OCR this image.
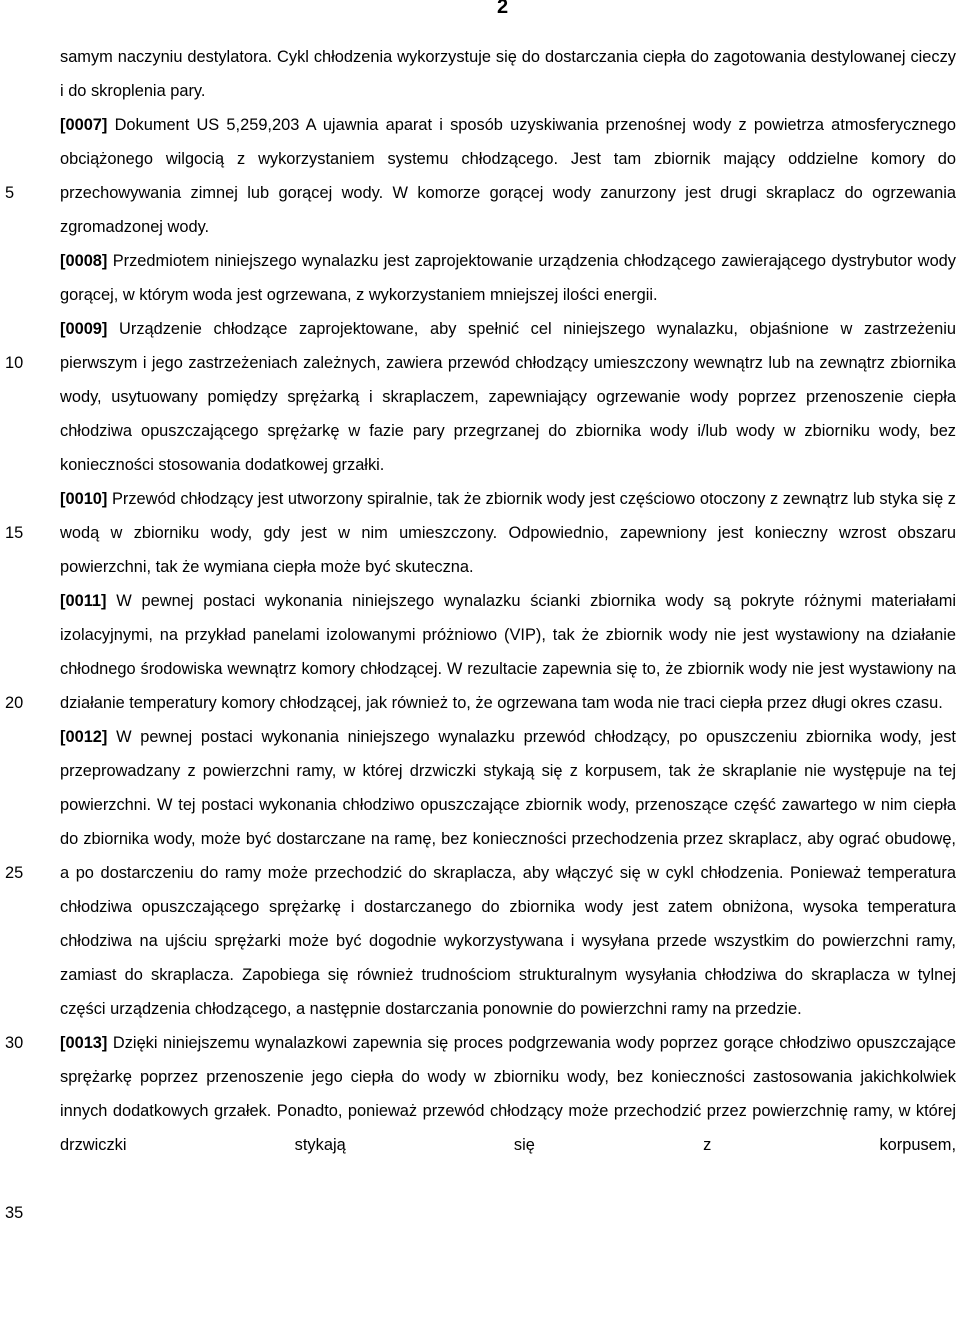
2
5
10
15
20
25
30
35

samym naczyniu destylatora. Cykl chłodzenia wykorzystuje się do dostarczania ciepła do zagotowania destylowanej cieczy i do skroplenia pary.

[0007] Dokument US 5,259,203 A ujawnia aparat i sposób uzyskiwania przenośnej wody z powietrza atmosferycznego obciążonego wilgocią z wykorzystaniem systemu chłodzącego. Jest tam zbiornik mający oddzielne komory do przechowywania zimnej lub gorącej wody. W komorze gorącej wody zanurzony jest drugi skraplacz do ogrzewania zgromadzonej wody.

[0008] Przedmiotem niniejszego wynalazku jest zaprojektowanie urządzenia chłodzącego zawierającego dystrybutor wody gorącej, w którym woda jest ogrzewana, z wykorzystaniem mniejszej ilości energii.

[0009] Urządzenie chłodzące zaprojektowane, aby spełnić cel niniejszego wynalazku, objaśnione w zastrzeżeniu pierwszym i jego zastrzeżeniach zależnych, zawiera przewód chłodzący umieszczony wewnątrz lub na zewnątrz zbiornika wody, usytuowany pomiędzy sprężarką i skraplaczem, zapewniający ogrzewanie wody poprzez przenoszenie ciepła chłodziwa opuszczającego sprężarkę w fazie pary przegrzanej do zbiornika wody i/lub wody w zbiorniku wody, bez konieczności stosowania dodatkowej grzałki.

[0010] Przewód chłodzący jest utworzony spiralnie, tak że zbiornik wody jest częściowo otoczony z zewnątrz lub styka się z wodą w zbiorniku wody, gdy jest w nim umieszczony. Odpowiednio, zapewniony jest konieczny wzrost obszaru powierzchni, tak że wymiana ciepła może być skuteczna.

[0011] W pewnej postaci wykonania niniejszego wynalazku ścianki zbiornika wody są pokryte różnymi materiałami izolacyjnymi, na przykład panelami izolowanymi próżniowo (VIP), tak że zbiornik wody nie jest wystawiony na działanie chłodnego środowiska wewnątrz komory chłodzącej. W rezultacie zapewnia się to, że zbiornik wody nie jest wystawiony na działanie temperatury komory chłodzącej, jak również to, że ogrzewana tam woda nie traci ciepła przez długi okres czasu.

[0012] W pewnej postaci wykonania niniejszego wynalazku przewód chłodzący, po opuszczeniu zbiornika wody, jest przeprowadzany z powierzchni ramy, w której drzwiczki stykają się z korpusem, tak że skraplanie nie występuje na tej powierzchni. W tej postaci wykonania chłodziwo opuszczające zbiornik wody, przenoszące część zawartego w nim ciepła do zbiornika wody, może być dostarczane na ramę, bez konieczności przechodzenia przez skraplacz, aby ograć obudowę, a po dostarczeniu do ramy może przechodzić do skraplacza, aby włączyć się w cykl chłodzenia. Ponieważ temperatura chłodziwa opuszczającego sprężarkę i dostarczanego do zbiornika wody jest zatem obniżona, wysoka temperatura chłodziwa na ujściu sprężarki może być dogodnie wykorzystywana i wysyłana przede wszystkim do powierzchni ramy, zamiast do skraplacza. Zapobiega się również trudnościom strukturalnym wysyłania chłodziwa do skraplacza w tylnej części urządzenia chłodzącego, a następnie dostarczania ponownie do powierzchni ramy na przedzie.

[0013] Dzięki niniejszemu wynalazkowi zapewnia się proces podgrzewania wody poprzez gorące chłodziwo opuszczające sprężarkę poprzez przenoszenie jego ciepła do wody w zbiorniku wody, bez konieczności zastosowania jakichkolwiek innych dodatkowych grzałek. Ponadto, ponieważ przewód chłodzący może przechodzić przez powierzchnię ramy, w której drzwiczki stykają się z korpusem,
